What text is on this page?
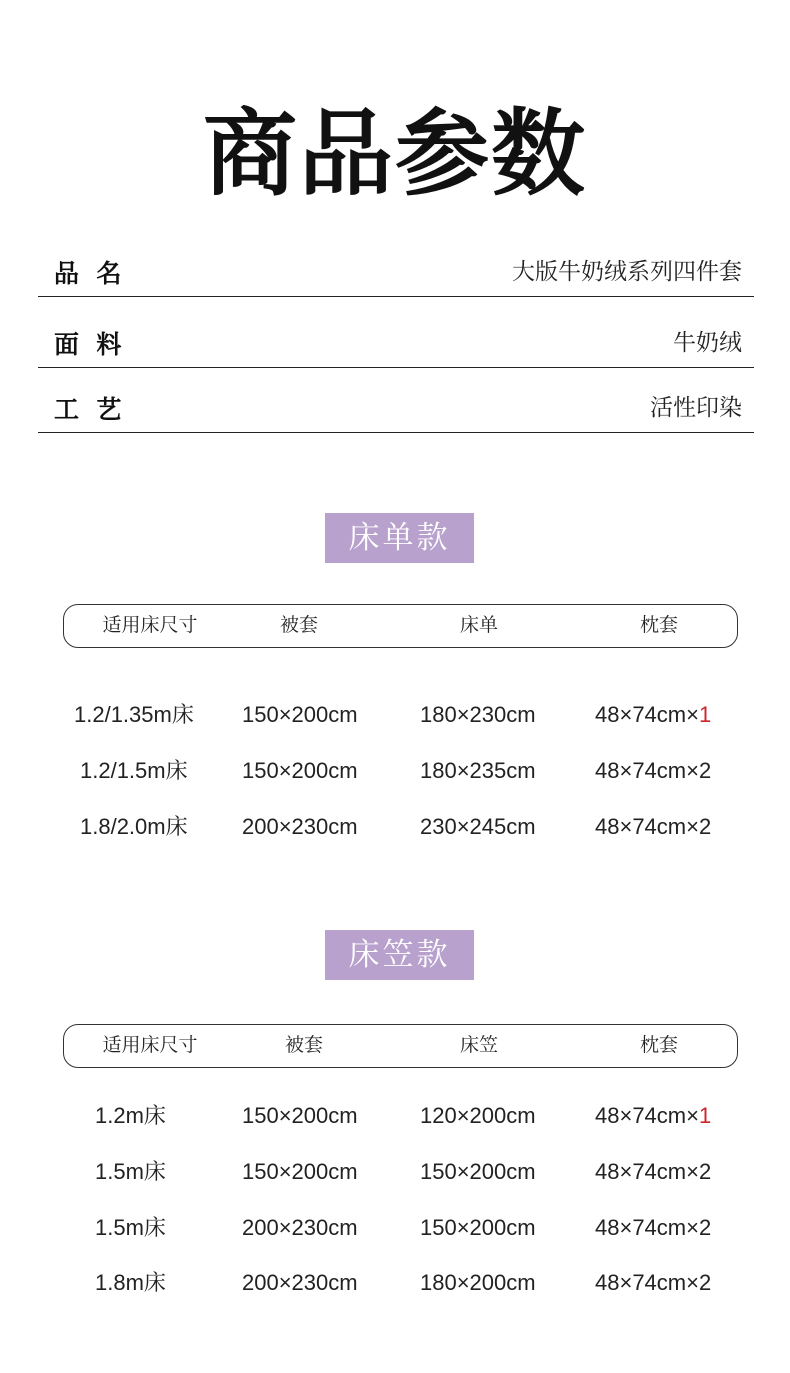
商品参数
品  名	大版牛奶绒系列四件套
面  料	牛奶绒
工  艺	活性印染
床单款
适用床尺寸	被套	床单	枕套
1.2/1.35m床 150×200cm	180×230cm	48×74cm×1
1.2/1.5m床 150×200cm	180×235cm	48×74cm×2
1.8/2.0m床 200×230cm	230×245cm	48×74cm×2
床笠款
适用床尺寸	被套	床笠	枕套
1.2m床	150×200cm	120×200cm	48×74cm×1
1.5m床	150×200cm	150×200cm	48×74cm×2
1.5m床	200×230cm	150×200cm	48×74cm×2
1.8m床	200×230cm	180×200cm	48×74cm×2
